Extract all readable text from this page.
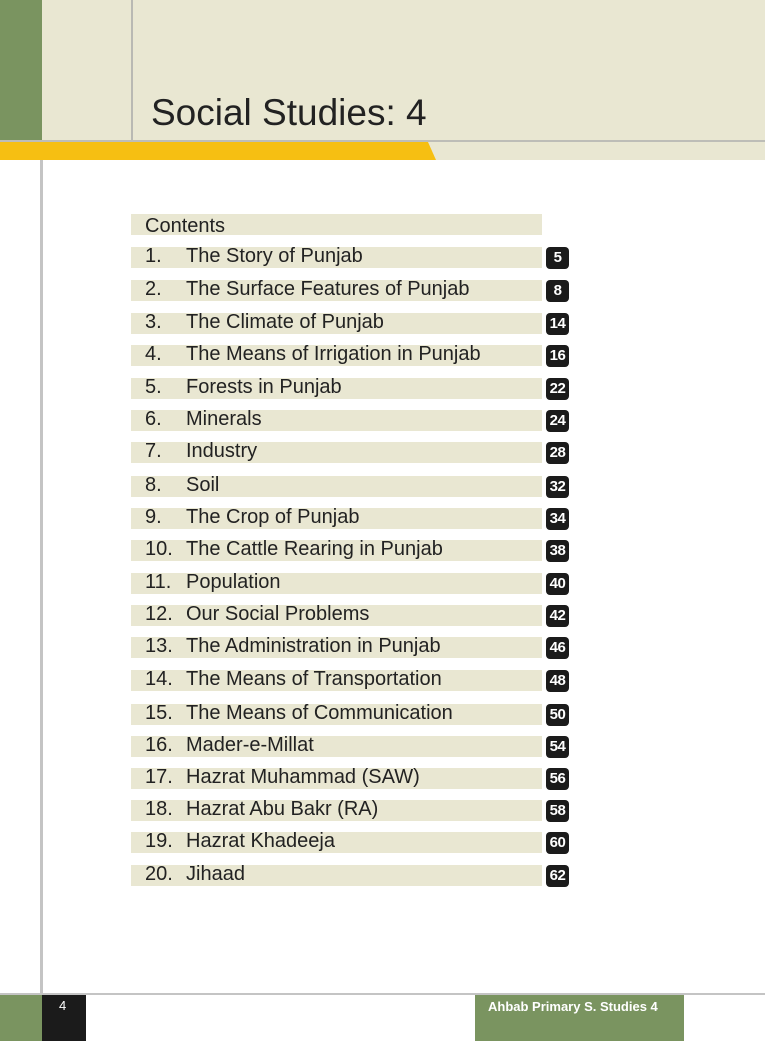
Social Studies: 4
Contents
1. The Story of Punjab	5
2. The Surface Features of Punjab	8
3. The Climate of Punjab	14
4. The Means of Irrigation in Punjab	16
5. Forests in Punjab	22
6. Minerals	24
7. Industry	28
8. Soil	32
9. The Crop of Punjab	34
10. The Cattle Rearing in Punjab	38
11. Population	40
12. Our Social Problems	42
13. The Administration in Punjab	46
14. The Means of Transportation	48
15. The Means of Communication	50
16. Mader-e-Millat	54
17. Hazrat Muhammad (SAW)	56
18. Hazrat Abu Bakr (RA)	58
19. Hazrat Khadeeja	60
20. Jihaad	62
4	Ahbab Primary S. Studies 4
